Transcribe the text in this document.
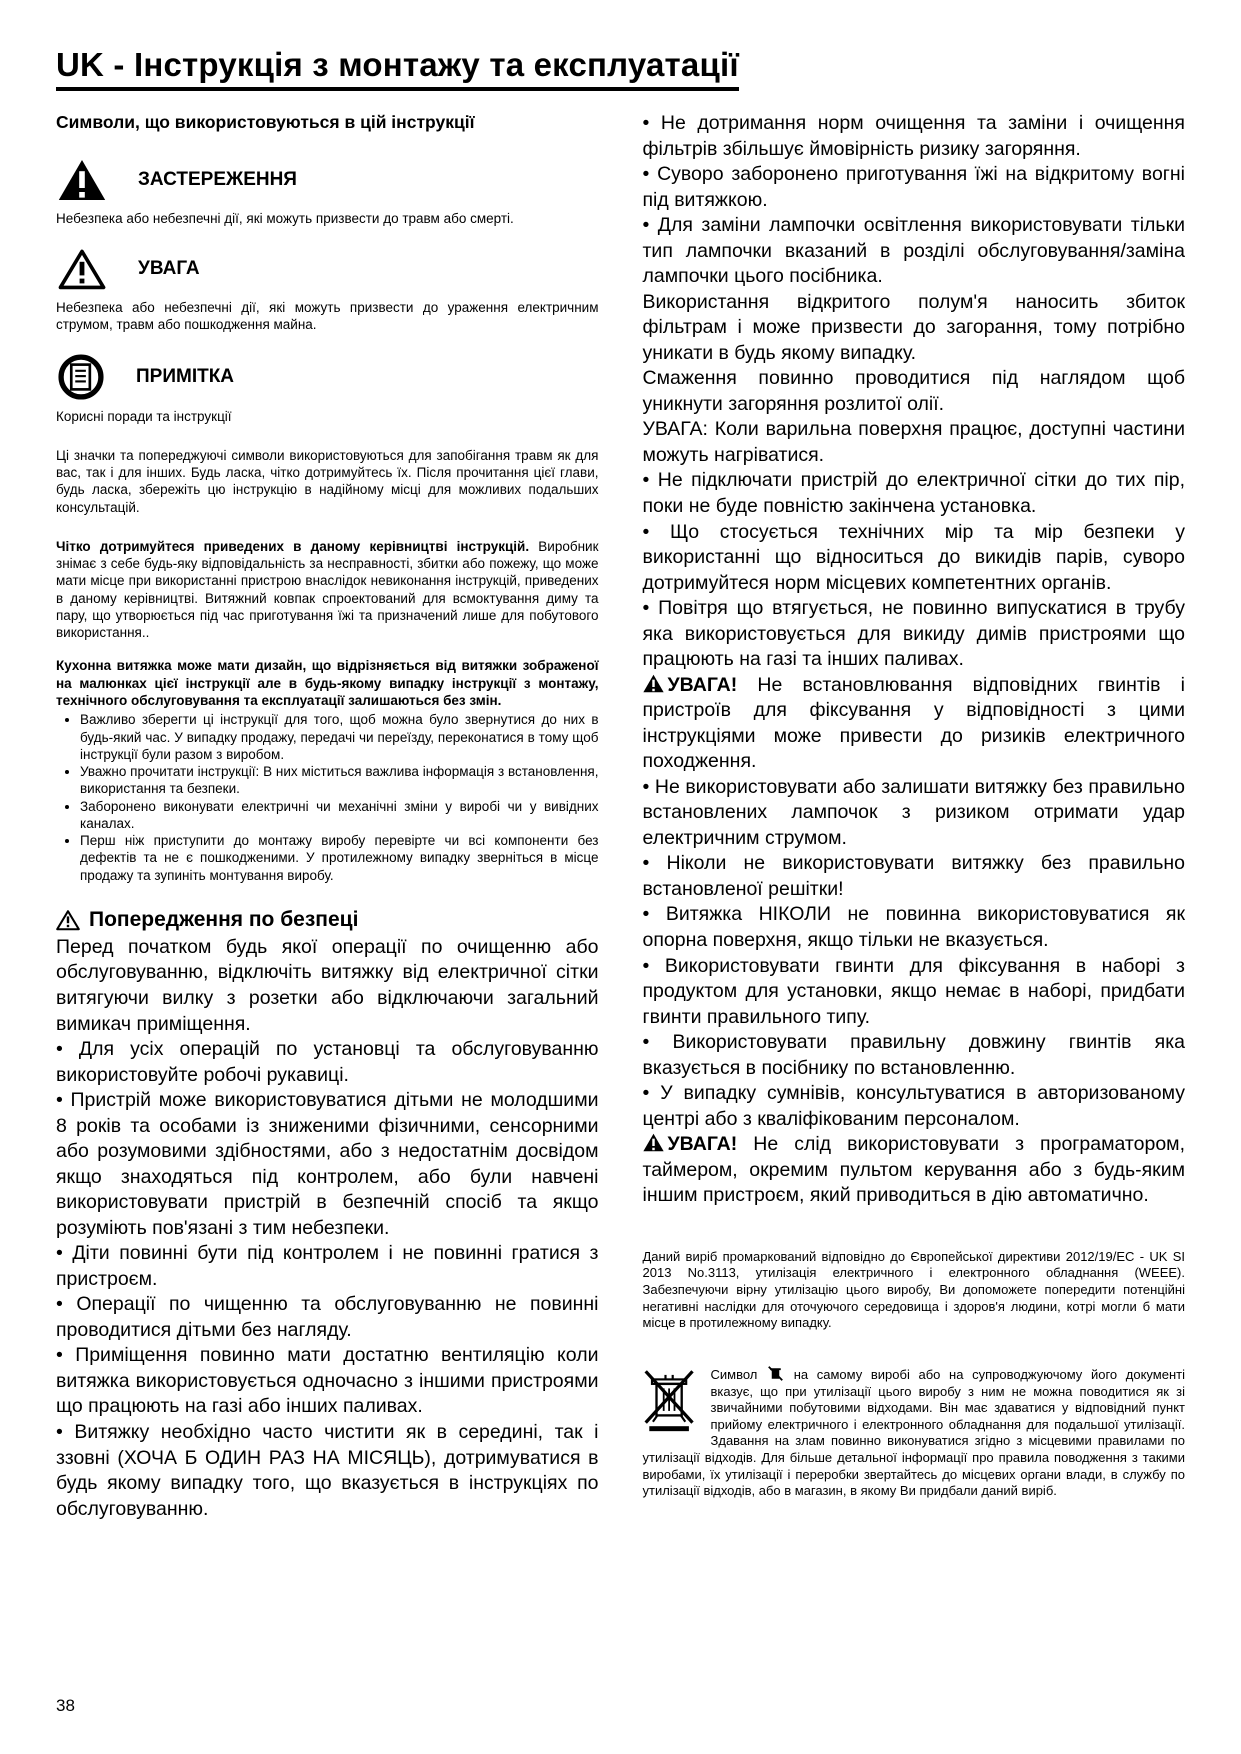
UK - Інструкція з монтажу та експлуатації
Символи, що використовуються в цій інструкції
ЗАСТЕРЕЖЕННЯ

Небезпека або небезпечні дії, які можуть призвести до травм або смерті.

УВАГА

Небезпека або небезпечні дії, які можуть призвести до ураження електричним струмом, травм або пошкодження майна.

ПРИМІТКА

Корисні поради та інструкції

Ці значки та попереджуючі символи використовуються для запобігання травм як для вас, так і для інших. Будь ласка, чітко дотримуйтесь їх. Після прочитання цієї глави, будь ласка, збережіть цю інструкцію в надійному місці для можливих подальших консультацій.

Чітко дотримуйтеся приведених в даному керівництві інструкцій. Виробник знімає з себе будь-яку відповідальність за несправності, збитки або пожежу, що може мати місце при використанні пристрою внаслідок невиконання інструкцій, приведених в даному керівництві. Витяжний ковпак спроектований для всмоктування диму та пару, що утворюється під час приготування їжі та призначений лише для побутового використання..

Кухонна витяжка може мати дизайн, що відрізняється від витяжки зображеної на малюнках цієї інструкції але в будь-якому випадку інструкції з монтажу, технічного обслуговування та експлуатації залишаються без змін.

• Важливо зберегти ці інструкції для того, щоб можна було звернутися до них в будь-який час. У випадку продажу, передачі чи переїзду, переконатися в тому щоб інструкції були разом з виробом.
• Уважно прочитати інструкції: В них міститься важлива інформація з встановлення, використання та безпеки.
• Заборонено виконувати електричні чи механічні зміни у виробі чи у вивідних каналах.
• Перш ніж приступити до монтажу виробу перевірте чи всі компоненти без дефектів та не є пошкодженими. У протилежному випадку зверніться в місце продажу та зупиніть монтування виробу.
Попередження по безпеці

Перед початком будь якої операції по очищенню або обслуговуванню, відключіть витяжку від електричної сітки витягуючи вилку з розетки або відключаючи загальний вимикач приміщення.

• Для усіх операцій по установці та обслуговуванню використовуйте робочі рукавиці.

• Пристрій може використовуватися дітьми не молодшими 8 років та особами із зниженими фізичними, сенсорними або розумовими здібностями, або з недостатнім досвідом якщо знаходяться під контролем, або були навчені використовувати пристрій в безпечній спосіб та якщо розуміють пов'язані з тим небезпеки.

• Діти повинні бути під контролем і не повинні гратися з пристроєм.

• Операції по чищенню та обслуговуванню не повинні проводитися дітьми без нагляду.

• Приміщення повинно мати достатню вентиляцію коли витяжка використовується одночасно з іншими пристроями що працюють на газі або інших паливах.

• Витяжку необхідно часто чистити як в середині, так і ззовні (ХОЧА Б ОДИН РАЗ НА МІСЯЦЬ), дотримуватися в будь якому випадку того, що вказується в інструкціях по обслуговуванню.

• Не дотримання норм очищення та заміни і очищення фільтрів збільшує ймовірність ризику загоряння.

• Суворо заборонено приготування їжі на відкритому вогні під витяжкою.

• Для заміни лампочки освітлення використовувати тільки тип лампочки вказаний в розділі обслуговування/заміна лампочки цього посібника.

Використання відкритого полум'я наносить збиток фільтрам і може призвести до загорання, тому потрібно уникати в будь якому випадку.

Смаження повинно проводитися під наглядом щоб уникнути загоряння розлитої олії.

УВАГА: Коли варильна поверхня працює, доступні частини можуть нагріватися.

• Не підключати пристрій до електричної сітки до тих пір, поки не буде повністю закінчена установка.

• Що стосується технічних мір та мір безпеки у використанні що відноситься до викидів парів, суворо дотримуйтеся норм місцевих компетентних органів.

• Повітря що втягується, не повинно випускатися в трубу яка використовується для викиду димів пристроями що працюють на газі та інших паливах.

УВАГА! Не встановлювання відповідних гвинтів і пристроїв для фіксування у відповідності з цими інструкціями може привести до ризиків електричного походження.

• Не використовувати або залишати витяжку без правильно встановлених лампочок з ризиком отримати удар електричним струмом.

• Ніколи не використовувати витяжку без правильно встановленої решітки!

• Витяжка НІКОЛИ не повинна використовуватися як опорна поверхня, якщо тільки не вказується.

• Використовувати гвинти для фіксування в наборі з продуктом для установки, якщо немає в наборі, придбати гвинти правильного типу.

• Використовувати правильну довжину гвинтів яка вказується в посібнику по встановленню.

• У випадку сумнівів, консультуватися в авторизованому центрі або з кваліфікованим персоналом.

УВАГА! Не слід використовувати з програматором, таймером, окремим пультом керування або з будь-яким іншим пристроєм, який приводиться в дію автоматично.

Даний виріб промаркований відповідно до Європейської директиви 2012/19/EC - UK SI 2013 No.3113, утилізація електричного і електронного обладнання (WEEE). Забезпечуючи вірну утилізацію цього виробу, Ви допоможете попередити потенційні негативні наслідки для оточуючого середовища і здоров'я людини, котрі могли б мати місце в протилежному випадку.

Символ	на самому виробі або на супроводжуючому його документі вказує, що при утилізації цього виробу з ним не можна поводитися як зі звичайними побутовими відходами. Він має здаватися у відповідний пункт прийому електричного і електронного обладнання для подальшої утилізації. Здавання на злам повинно виконуватися згідно з місцевими правилами по утилізації відходів. Для більше детальної інформації про правила поводження з такими виробами, їх утилізації і переробки звертайтесь до місцевих органи влади, в службу по утилізації відходів, або в магазин, в якому Ви придбали даний виріб.

38
